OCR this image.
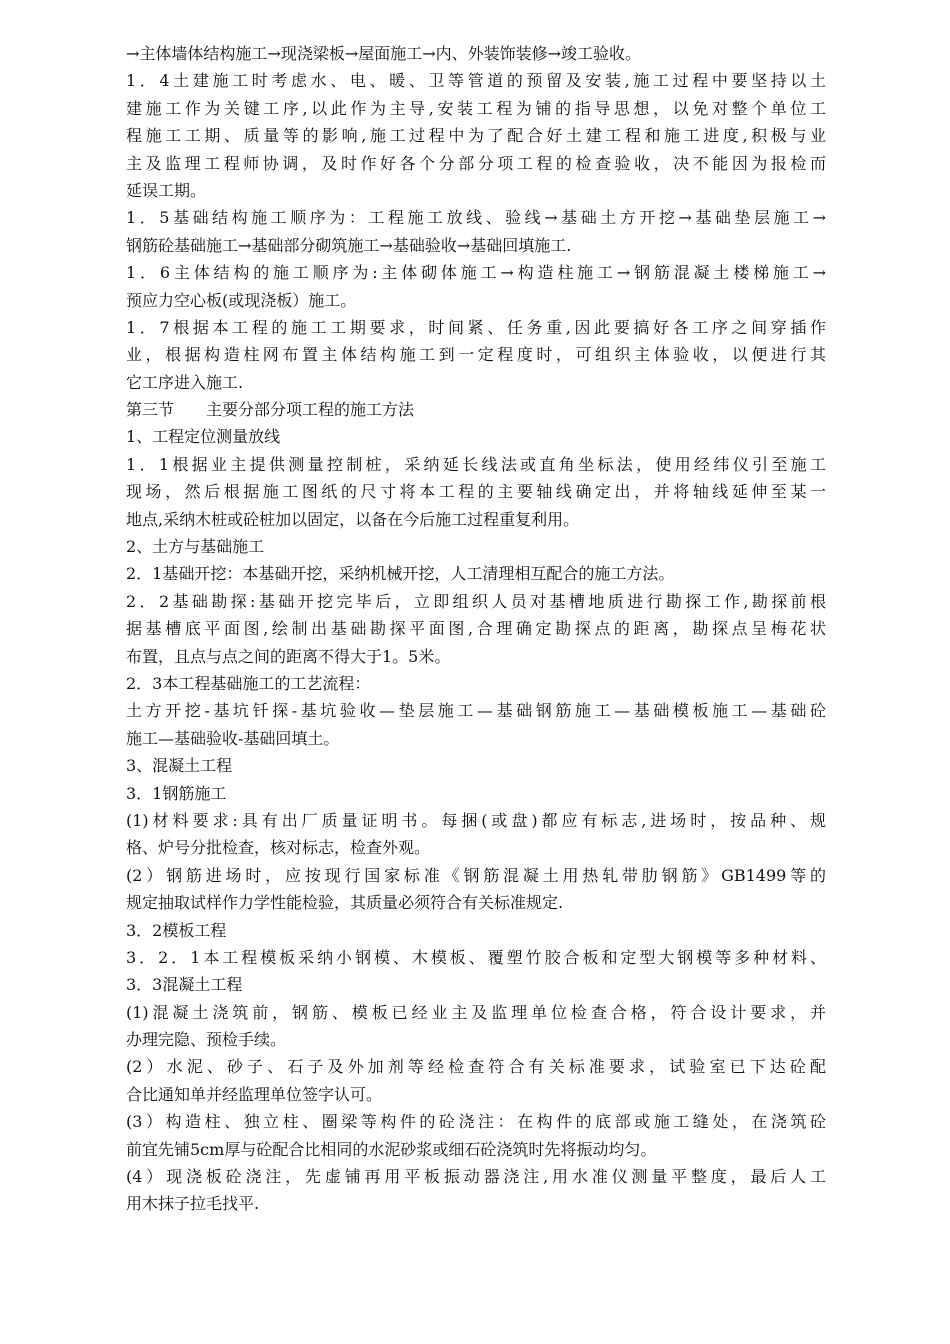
→主体墙体结构施工→现浇梁板→屋面施工→内、外装饰装修→竣工验收。
1．4土建施工时考虑水、电、暖、卫等管道的预留及安装,施工过程中要坚持以土
建施工作为关键工序,以此作为主导,安装工程为铺的指导思想，以免对整个单位工
程施工工期、质量等的影响,施工过程中为了配合好土建工程和施工进度,积极与业
主及监理工程师协调，及时作好各个分部分项工程的检查验收，决不能因为报检而
延误工期。
1．5基础结构施工顺序为：工程施工放线、验线→基础土方开挖→基础垫层施工→
钢筋砼基础施工→基础部分砌筑施工→基础验收→基础回填施工.
1．6主体结构的施工顺序为:主体砌体施工→构造柱施工→钢筋混凝土楼梯施工→
预应力空心板(或现浇板）施工。
1．7根据本工程的施工工期要求，时间紧、任务重,因此要搞好各工序之间穿插作
业，根据构造柱网布置主体结构施工到一定程度时，可组织主体验收，以便进行其
它工序进入施工.
第三节　　主要分部分项工程的施工方法
1、工程定位测量放线
1．1根据业主提供测量控制桩，采纳延长线法或直角坐标法，使用经纬仪引至施工
现场，然后根据施工图纸的尺寸将本工程的主要轴线确定出，并将轴线延伸至某一
地点,采纳木桩或砼桩加以固定，以备在今后施工过程重复利用。
2、土方与基础施工
2．1基础开挖：本基础开挖，采纳机械开挖，人工清理相互配合的施工方法。
2．2基础勘探:基础开挖完毕后，立即组织人员对基槽地质进行勘探工作,勘探前根
据基槽底平面图,绘制出基础勘探平面图,合理确定勘探点的距离，勘探点呈梅花状
布置，且点与点之间的距离不得大于1。5米。
2．3本工程基础施工的工艺流程：
土方开挖-基坑钎探-基坑验收—垫层施工—基础钢筋施工—基础模板施工—基础砼
施工—基础验收-基础回填土。
3、混凝土工程
3．1钢筋施工
(1)材料要求:具有出厂质量证明书。每捆(或盘)都应有标志,进场时，按品种、规
格、炉号分批检查，核对标志，检查外观。
(2）钢筋进场时，应按现行国家标准《钢筋混凝土用热轧带肋钢筋》GB1499等的
规定抽取试样作力学性能检验，其质量必须符合有关标准规定.
3．2模板工程
3．2．1本工程模板采纳小钢模、木模板、覆塑竹胶合板和定型大钢模等多种材料、
3．3混凝土工程
(1)混凝土浇筑前，钢筋、模板已经业主及监理单位检查合格，符合设计要求，并
办理完隐、预检手续。
(2）水泥、砂子、石子及外加剂等经检查符合有关标准要求，试验室已下达砼配
合比通知单并经监理单位签字认可。
(3）构造柱、独立柱、圈梁等构件的砼浇注：在构件的底部或施工缝处，在浇筑砼
前宜先铺5cm厚与砼配合比相同的水泥砂浆或细石砼浇筑时先将振动均匀。
(4）现浇板砼浇注，先虚铺再用平板振动器浇注,用水准仪测量平整度，最后人工
用木抹子拉毛找平.
